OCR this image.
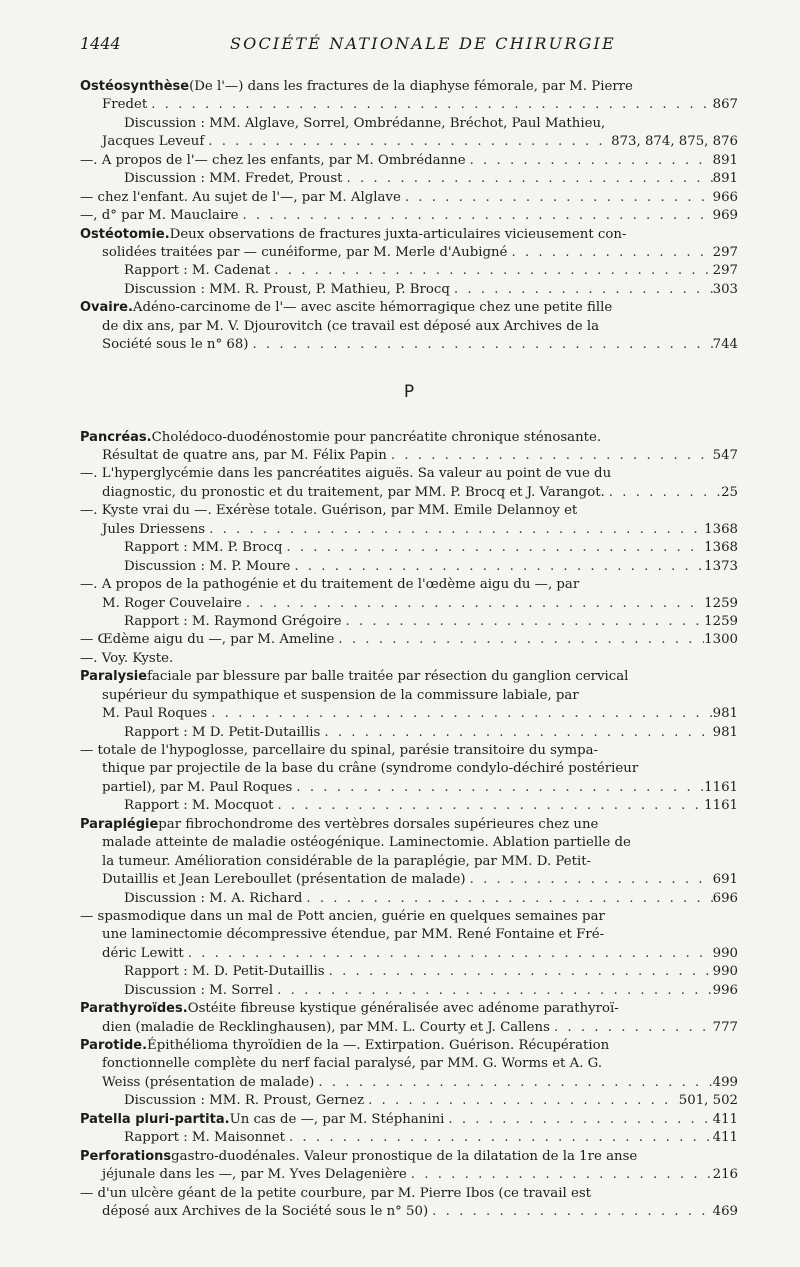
1444	SOCIÉTÉ NATIONALE DE CHIRURGIE
Ostéosynthèse (De l'—) dans les fractures de la diaphyse fémorale, par M. Pierre
Fredet . . .	867
Discussion : MM. Alglave, Sorrel, Ombrédanne, Bréchot, Paul Mathieu,
Jacques Leveuf . . .	873, 874, 875, 876
—. A propos de l'— chez les enfants, par M. Ombrédanne . . .	891
Discussion : MM. Fredet, Proust . . .	891
— chez l'enfant. Au sujet de l'—, par M. Alglave . . .	966
—, d° par M. Mauclaire . . .	969
Ostéotomie. Deux observations de fractures juxta-articulaires vicieusement con-
solidées traitées par — cunéiforme, par M. Merle d'Aubigné . . .	297
Rapport : M. Cadenat . . .	297
Discussion : MM. R. Proust, P. Mathieu, P. Brocq . . .	303
Ovaire. Adéno-carcinome de l'— avec ascite hémorragique chez une petite fille
de dix ans, par M. V. Djourovitch (ce travail est déposé aux Archives de la
Société sous le n° 68) . . .	744
P
Pancréas. Cholédoco-duodénostomie pour pancréatite chronique sténosante.
Résultat de quatre ans, par M. Félix Papin . . .	547
—. L'hyperglycémie dans les pancréatites aiguës. Sa valeur au point de vue du
diagnostic, du pronostic et du traitement, par MM. P. Brocq et J. Varangot. . . .	25
—. Kyste vrai du —. Exérèse totale. Guérison, par MM. Emile Delannoy et
Jules Driessens . . .	1368
Rapport : MM. P. Brocq . . .	1368
Discussion : M. P. Moure . . .	1373
—. A propos de la pathogénie et du traitement de l'œdème aigu du —, par
M. Roger Couvelaire . . .	1259
Rapport : M. Raymond Grégoire . . .	1259
— Œdème aigu du —, par M. Ameline . . .	1300
—. Voy. Kyste.
Paralysie faciale par blessure par balle traitée par résection du ganglion cervical
supérieur du sympathique et suspension de la commissure labiale, par
M. Paul Roques . . .	981
Rapport : M D. Petit-Dutaillis . . .	981
— totale de l'hypoglosse, parcellaire du spinal, parésie transitoire du sympa-
thique par projectile de la base du crâne (syndrome condylo-déchiré postérieur
partiel), par M. Paul Roques . . .	1161
Rapport : M. Mocquot . . .	1161
Paraplégie par fibrochondrome des vertèbres dorsales supérieures chez une
malade atteinte de maladie ostéogénique. Laminectomie. Ablation partielle de
la tumeur. Amélioration considérable de la paraplégie, par MM. D. Petit-
Dutaillis et Jean Lereboullet (présentation de malade) . . .	691
Discussion : M. A. Richard . . .	696
— spasmodique dans un mal de Pott ancien, guérie en quelques semaines par
une laminectomie décompressive étendue, par MM. René Fontaine et Fré-
déric Lewitt . . .	990
Rapport : M. D. Petit-Dutaillis . . .	990
Discussion : M. Sorrel . . .	996
Parathyroïdes. Ostéite fibreuse kystique généralisée avec adénome parathyroï-
dien (maladie de Recklinghausen), par MM. L. Courty et J. Callens . . .	777
Parotide. Épithélioma thyroïdien de la —. Extirpation. Guérison. Récupération
fonctionnelle complète du nerf facial paralysé, par MM. G. Worms et A. G.
Weiss (présentation de malade) . . .	499
Discussion : MM. R. Proust, Gernez . . .	501, 502
Patella pluri-partita. Un cas de —, par M. Stéphanini . . .	411
Rapport : M. Maisonnet . . .	411
Perforations gastro-duodénales. Valeur pronostique de la dilatation de la 1re anse
jéjunale dans les —, par M. Yves Delagenière . . .	216
— d'un ulcère géant de la petite courbure, par M. Pierre Ibos (ce travail est
déposé aux Archives de la Société sous le n° 50) . . .	469
